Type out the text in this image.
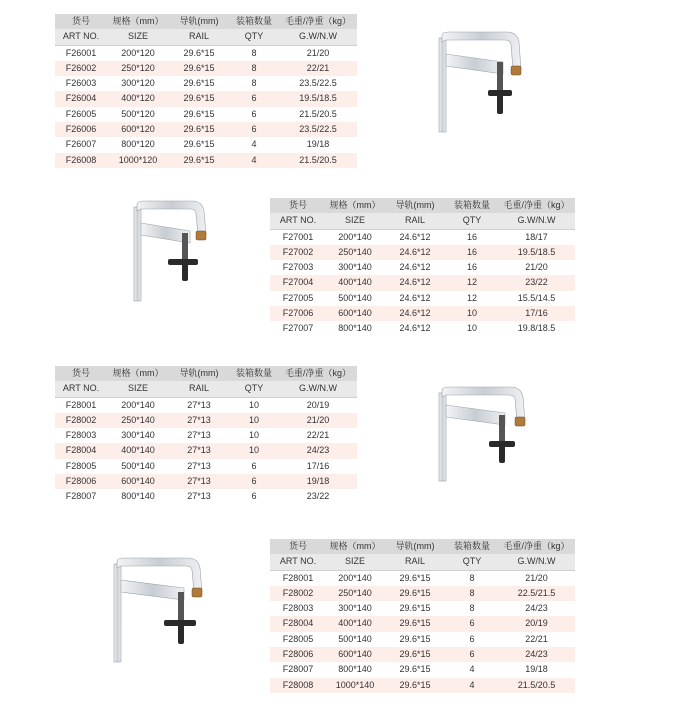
货号	规格（mm）	导轨(mm)	装箱数量	毛重/净重（kg）
ART NO.	SIZE	RAIL	QTY	G.W/N.W
F26001	200*120	29.6*15	8	21/20
F26002	250*120	29.6*15	8	22/21
F26003	300*120	29.6*15	8	23.5/22.5
F26004	400*120	29.6*15	6	19.5/18.5
F26005	500*120	29.6*15	6	21.5/20.5
F26006	600*120	29.6*15	6	23.5/22.5
F26007	800*120	29.6*15	4	19/18
F26008	1000*120	29.6*15	4	21.5/20.5
货号	规格（mm）	导轨(mm)	装箱数量	毛重/净重（kg）
ART NO.	SIZE	RAIL	QTY	G.W/N.W
F27001	200*140	24.6*12	16	18/17
F27002	250*140	24.6*12	16	19.5/18.5
F27003	300*140	24.6*12	16	21/20
F27004	400*140	24.6*12	12	23/22
F27005	500*140	24.6*12	12	15.5/14.5
F27006	600*140	24.6*12	10	17/16
F27007	800*140	24.6*12	10	19.8/18.5
货号	规格（mm）	导轨(mm)	装箱数量	毛重/净重（kg）
ART NO.	SIZE	RAIL	QTY	G.W/N.W
F28001	200*140	27*13	10	20/19
F28002	250*140	27*13	10	21/20
F28003	300*140	27*13	10	22/21
F28004	400*140	27*13	10	24/23
F28005	500*140	27*13	6	17/16
F28006	600*140	27*13	6	19/18
F28007	800*140	27*13	6	23/22
货号	规格（mm）	导轨(mm)	装箱数量	毛重/净重（kg）
ART NO.	SIZE	RAIL	QTY	G.W/N.W
F28001	200*140	29.6*15	8	21/20
F28002	250*140	29.6*15	8	22.5/21.5
F28003	300*140	29.6*15	8	24/23
F28004	400*140	29.6*15	6	20/19
F28005	500*140	29.6*15	6	22/21
F28006	600*140	29.6*15	6	24/23
F28007	800*140	29.6*15	4	19/18
F28008	1000*140	29.6*15	4	21.5/20.5
